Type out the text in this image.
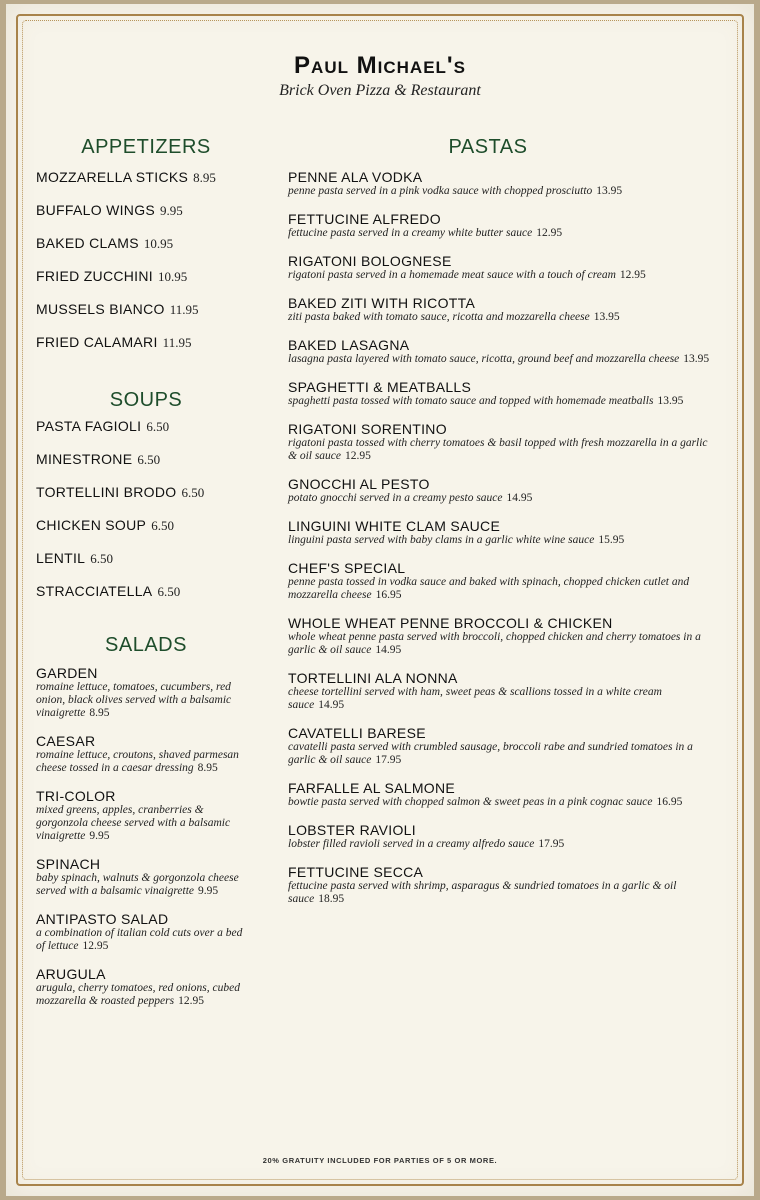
Paul Michael's
Brick Oven Pizza & Restaurant
APPETIZERS
MOZZARELLA STICKS 8.95
BUFFALO WINGS 9.95
BAKED CLAMS 10.95
FRIED ZUCCHINI 10.95
MUSSELS BIANCO 11.95
FRIED CALAMARI 11.95
SOUPS
PASTA FAGIOLI 6.50
MINESTRONE 6.50
TORTELLINI BRODO 6.50
CHICKEN SOUP 6.50
LENTIL 6.50
STRACCIATELLA 6.50
SALADS
GARDEN
romaine lettuce, tomatoes, cucumbers, red onion, black olives served with a balsamic vinaigrette 8.95
CAESAR
romaine lettuce, croutons, shaved parmesan cheese tossed in a caesar dressing 8.95
TRI-COLOR
mixed greens, apples, cranberries & gorgonzola cheese served with a balsamic vinaigrette 9.95
SPINACH
baby spinach, walnuts & gorgonzola cheese served with a balsamic vinaigrette 9.95
ANTIPASTO SALAD
a combination of italian cold cuts over a bed of lettuce 12.95
ARUGULA
arugula, cherry tomatoes, red onions, cubed mozzarella & roasted peppers 12.95
PASTAS
PENNE ALA VODKA
penne pasta served in a pink vodka sauce with chopped prosciutto 13.95
FETTUCINE ALFREDO
fettucine pasta served in a creamy white butter sauce 12.95
RIGATONI BOLOGNESE
rigatoni pasta served in a homemade meat sauce with a touch of cream 12.95
BAKED ZITI WITH RICOTTA
ziti pasta baked with tomato sauce, ricotta and mozzarella cheese 13.95
BAKED LASAGNA
lasagna pasta layered with tomato sauce, ricotta, ground beef and mozzarella cheese 13.95
SPAGHETTI & MEATBALLS
spaghetti pasta tossed with tomato sauce and topped with homemade meatballs 13.95
RIGATONI SORENTINO
rigatoni pasta tossed with cherry tomatoes & basil topped with fresh mozzarella in a garlic & oil sauce 12.95
GNOCCHI AL PESTO
potato gnocchi served in a creamy pesto sauce 14.95
LINGUINI WHITE CLAM SAUCE
linguini pasta served with baby clams in a garlic white wine sauce 15.95
CHEF'S SPECIAL
penne pasta tossed in vodka sauce and baked with spinach, chopped chicken cutlet and mozzarella cheese 16.95
WHOLE WHEAT PENNE BROCCOLI & CHICKEN
whole wheat penne pasta served with broccoli, chopped chicken and cherry tomatoes in a garlic & oil sauce 14.95
TORTELLINI ALA NONNA
cheese tortellini served with ham, sweet peas & scallions tossed in a white cream sauce 14.95
CAVATELLI BARESE
cavatelli pasta served with crumbled sausage, broccoli rabe and sundried tomatoes in a garlic & oil sauce 17.95
FARFALLE AL SALMONE
bowtie pasta served with chopped salmon & sweet peas in a pink cognac sauce 16.95
LOBSTER RAVIOLI
lobster filled ravioli served in a creamy alfredo sauce 17.95
FETTUCINE SECCA
fettucine pasta served with shrimp, asparagus & sundried tomatoes in a garlic & oil sauce 18.95
20% GRATUITY INCLUDED FOR PARTIES OF 5 OR MORE.
